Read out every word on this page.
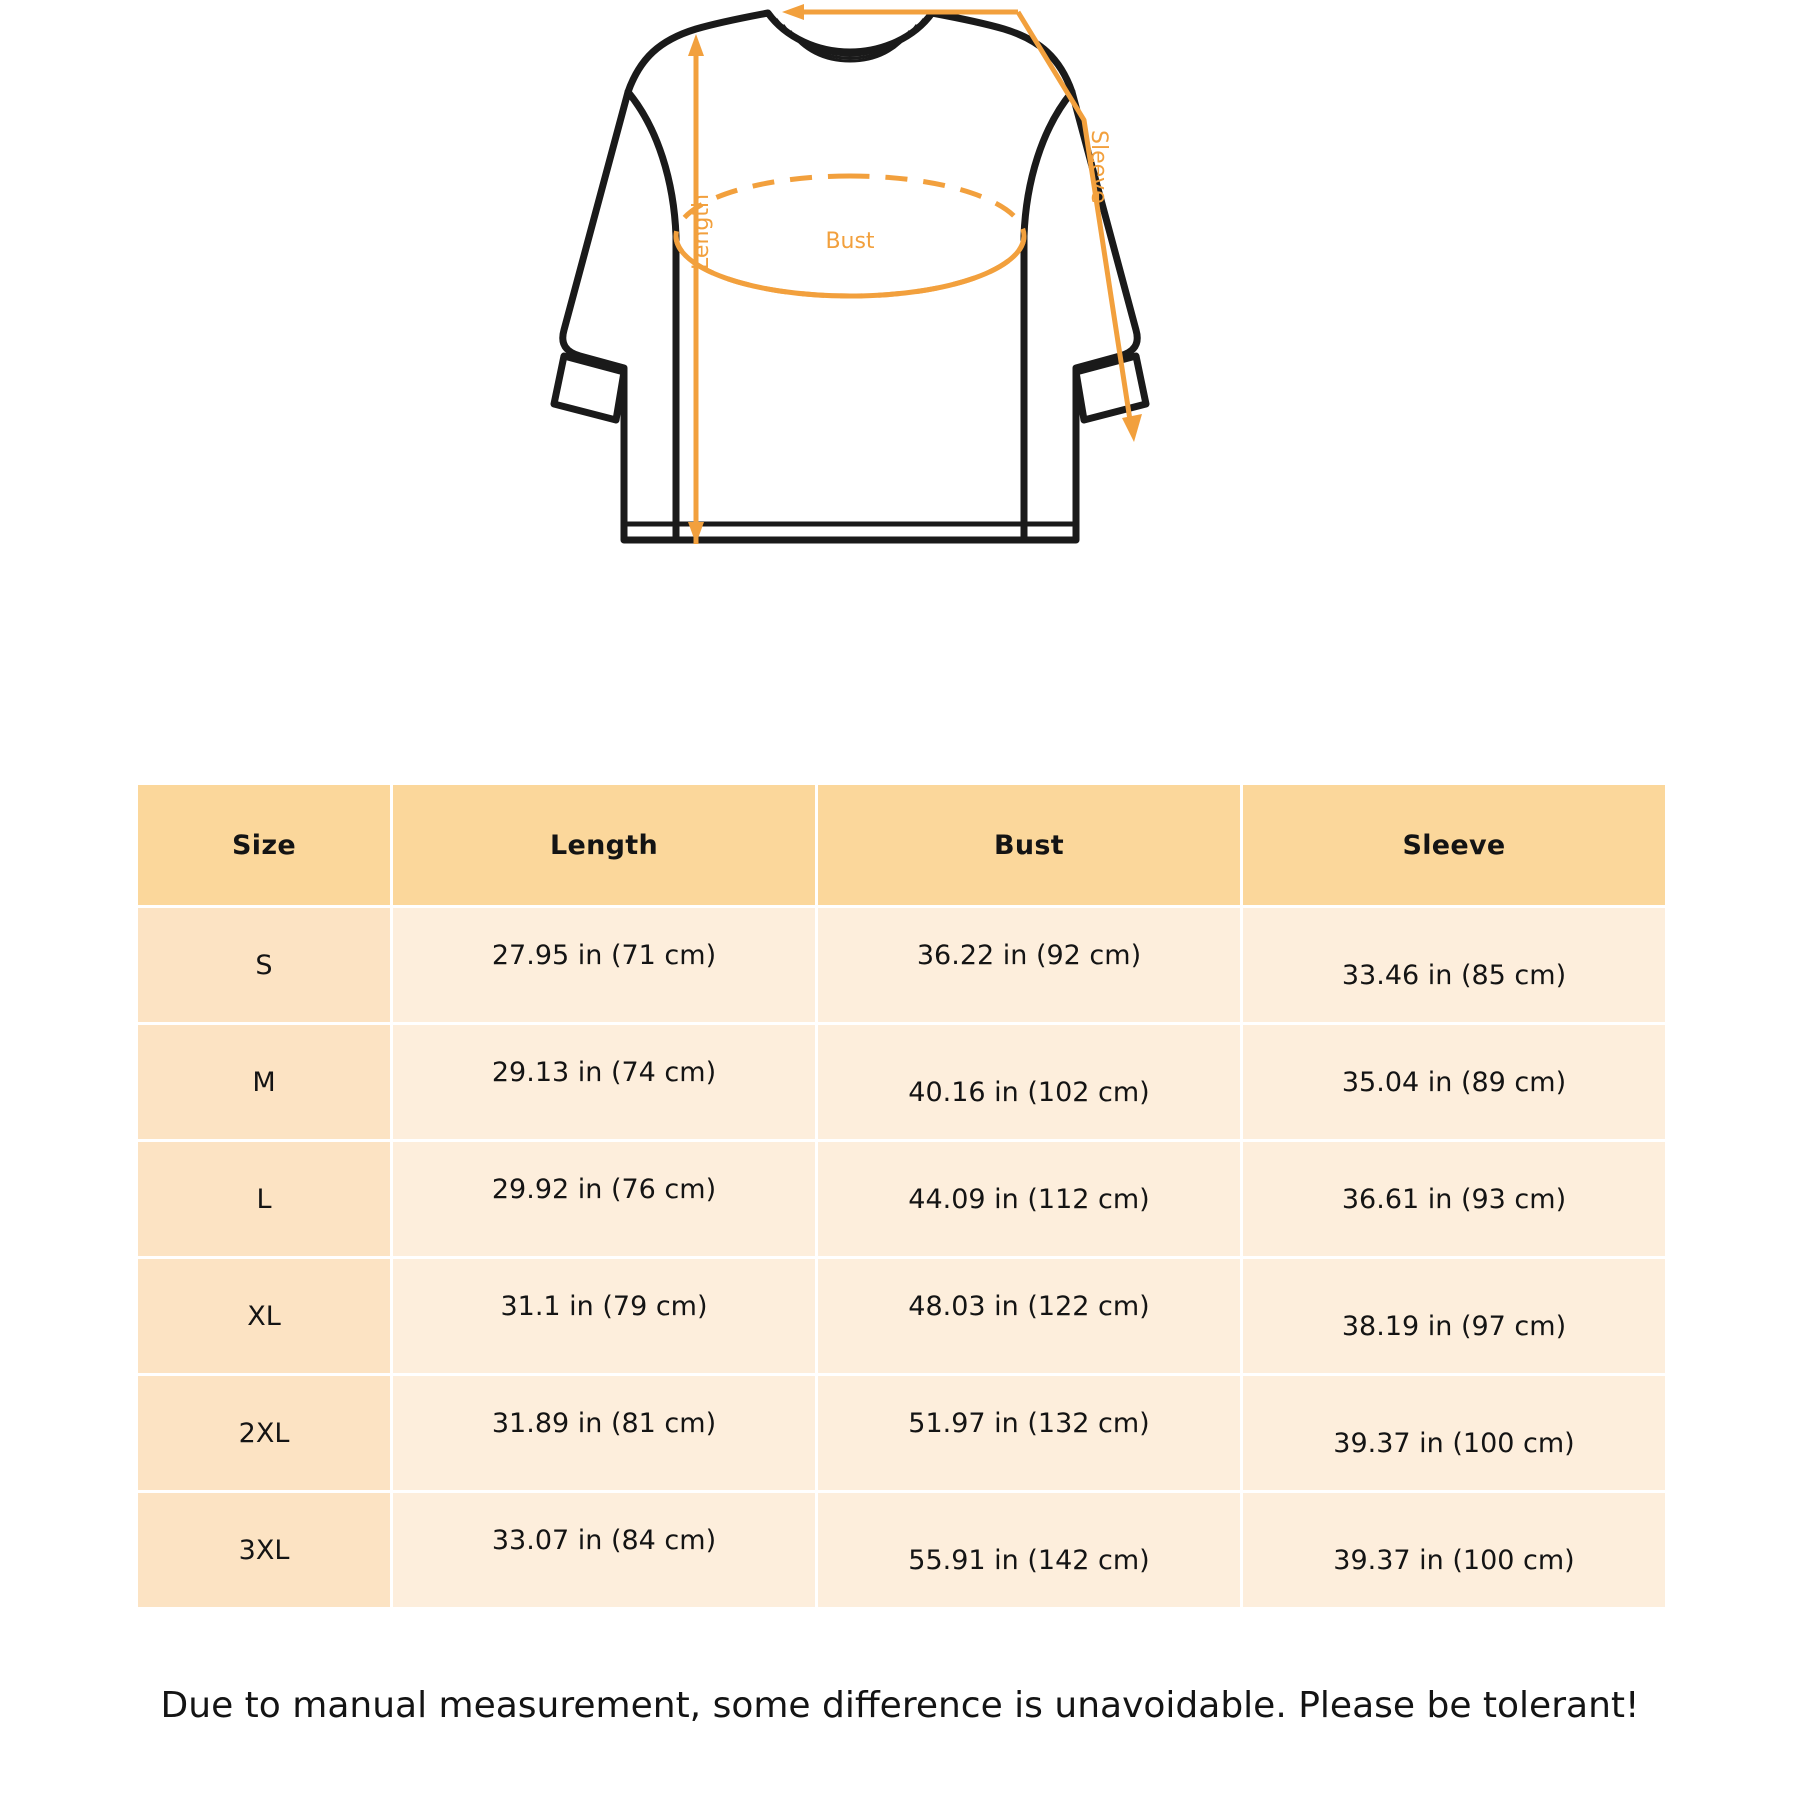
Bust
Length
Sleeve
Size	Length	Bust	Sleeve
S	27.95 in (71 cm)	36.22 in (92 cm)	33.46 in (85 cm)
M	29.13 in (74 cm)	40.16 in (102 cm)	35.04 in (89 cm)
L	29.92 in (76 cm)	44.09 in (112 cm)	36.61 in (93 cm)
XL	31.1 in (79 cm)	48.03 in (122 cm)	38.19 in (97 cm)
2XL	31.89 in (81 cm)	51.97 in (132 cm)	39.37 in (100 cm)
3XL	33.07 in (84 cm)	55.91 in (142 cm)	39.37 in (100 cm)
Due to manual measurement, some difference is unavoidable. Please be tolerant!
